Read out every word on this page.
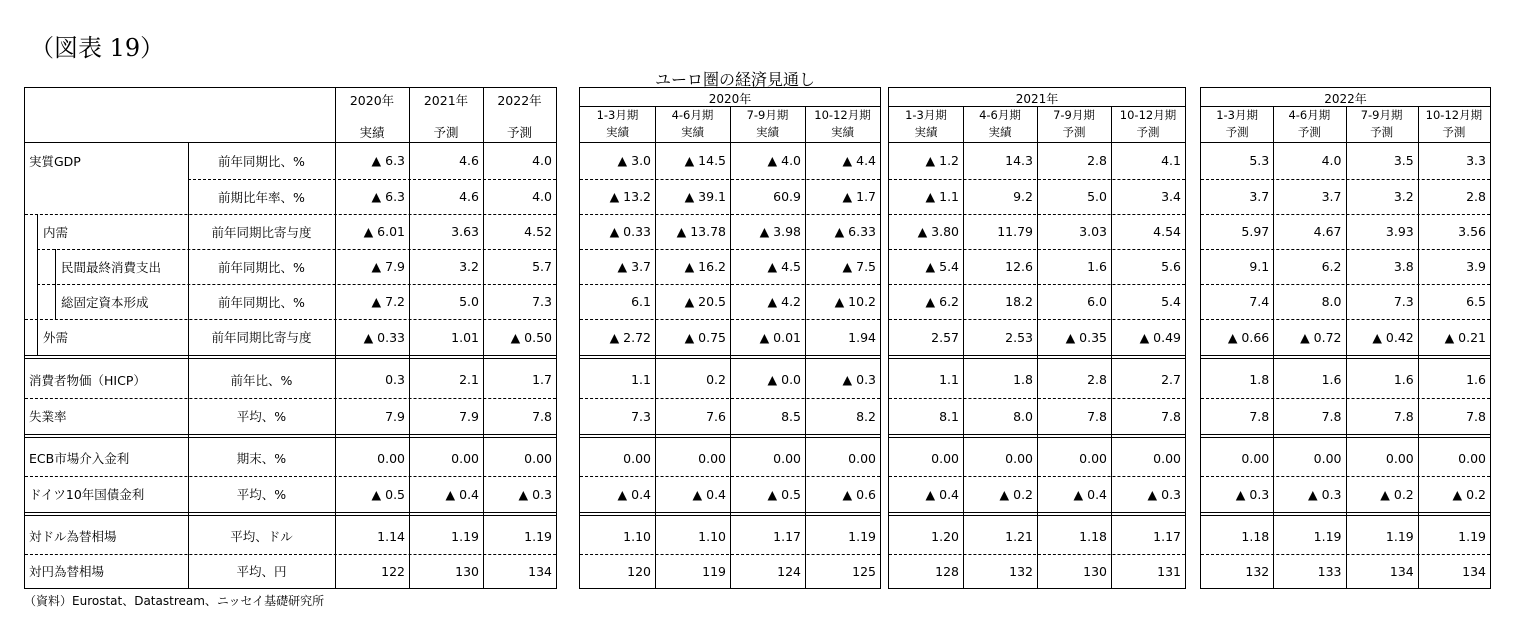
（図表 19）
ユーロ圏の経済見通し
2020年
実績
2021年
予測
2022年
予測
実質GDP	前年同期比、%	▲ 6.3	4.6	4.0
前期比年率、%	▲ 6.3	4.6	4.0
内需	前年同期比寄与度	▲ 6.01	3.63	4.52
民間最終消費支出	前年同期比、%	▲ 7.9	3.2	5.7
総固定資本形成	前年同期比、%	▲ 7.2	5.0	7.3
外需	前年同期比寄与度	▲ 0.33	1.01	▲ 0.50
消費者物価（HICP）	前年比、%	0.3	2.1	1.7
失業率	平均、%	7.9	7.9	7.8
ECB市場介入金利	期末、%	0.00	0.00	0.00
ドイツ10年国債金利	平均、%	▲ 0.5	▲ 0.4	▲ 0.3
対ドル為替相場	平均、ドル	1.14	1.19	1.19
対円為替相場	平均、円	122	130	134
2020年
1-3月期
実績
4-6月期
実績
7-9月期
実績
10-12月期
実績
▲ 3.0	▲ 14.5	▲ 4.0	▲ 4.4
▲ 13.2	▲ 39.1	60.9	▲ 1.7
▲ 0.33	▲ 13.78	▲ 3.98	▲ 6.33
▲ 3.7	▲ 16.2	▲ 4.5	▲ 7.5
6.1	▲ 20.5	▲ 4.2	▲ 10.2
▲ 2.72	▲ 0.75	▲ 0.01	1.94
1.1	0.2	▲ 0.0	▲ 0.3
7.3	7.6	8.5	8.2
0.00	0.00	0.00	0.00
▲ 0.4	▲ 0.4	▲ 0.5	▲ 0.6
1.10	1.10	1.17	1.19
120	119	124	125
2021年
1-3月期
実績
4-6月期
実績
7-9月期
予測
10-12月期
予測
▲ 1.2	14.3	2.8	4.1
▲ 1.1	9.2	5.0	3.4
▲ 3.80	11.79	3.03	4.54
▲ 5.4	12.6	1.6	5.6
▲ 6.2	18.2	6.0	5.4
2.57	2.53	▲ 0.35	▲ 0.49
1.1	1.8	2.8	2.7
8.1	8.0	7.8	7.8
0.00	0.00	0.00	0.00
▲ 0.4	▲ 0.2	▲ 0.4	▲ 0.3
1.20	1.21	1.18	1.17
128	132	130	131
2022年
1-3月期
予測
4-6月期
予測
7-9月期
予測
10-12月期
予測
5.3	4.0	3.5	3.3
3.7	3.7	3.2	2.8
5.97	4.67	3.93	3.56
9.1	6.2	3.8	3.9
7.4	8.0	7.3	6.5
▲ 0.66	▲ 0.72	▲ 0.42	▲ 0.21
1.8	1.6	1.6	1.6
7.8	7.8	7.8	7.8
0.00	0.00	0.00	0.00
▲ 0.3	▲ 0.3	▲ 0.2	▲ 0.2
1.18	1.19	1.19	1.19
132	133	134	134
（資料）Eurostat、Datastream、ニッセイ基礎研究所
